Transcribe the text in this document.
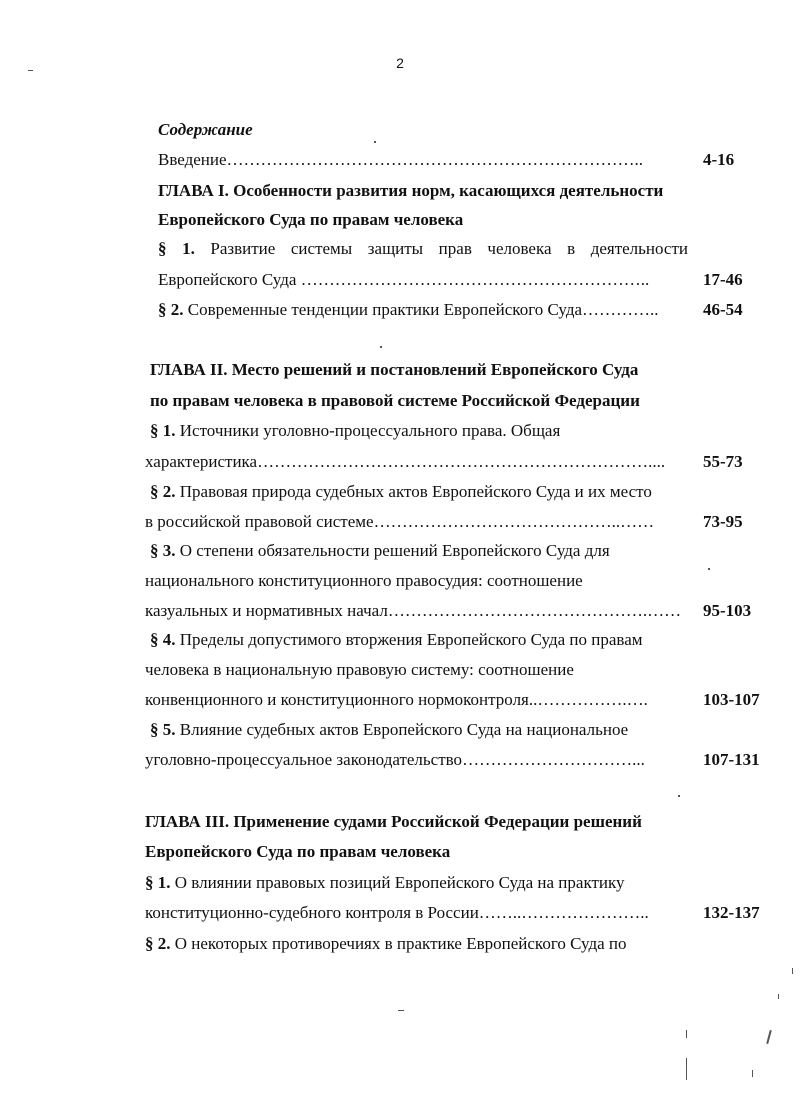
2
Содержание
Введение………………………………………………………………..	4-16
ГЛАВА I. Особенности развития норм, касающихся деятельности
Европейского Суда по правам человека
§ 1. Развитие системы защиты прав человека в деятельности
Европейского Суда ……………………………………………………..	17-46
§ 2. Современные тенденции практики Европейского Суда…………..	46-54
ГЛАВА II. Место решений и постановлений Европейского Суда
по правам человека в правовой системе Российской Федерации
§ 1. Источники уголовно-процессуального права. Общая
характеристика…………………………………………………………….... 55-73
§ 2. Правовая природа судебных актов Европейского Суда и их место
в российской правовой системе……………………………………..……	73-95
§ 3. О степени обязательности решений Европейского Суда для
национального конституционного правосудия: соотношение
казуальных и нормативных начал……………………………………….…… 95-103
§ 4. Пределы допустимого вторжения Европейского Суда по правам
человека в национальную правовую систему: соотношение
конвенционного и конституционного нормоконтроля..…………….….	103-107
§ 5. Влияние судебных актов Европейского Суда на национальное
уголовно-процессуальное законодательство…………………………...	107-131
ГЛАВА III. Применение судами Российской Федерации решений
Европейского Суда по правам человека
§ 1. О влиянии правовых позиций Европейского Суда на практику
конституционно-судебного контроля в России……..…………………..	132-137
§ 2. О некоторых противоречиях в практике Европейского Суда по
